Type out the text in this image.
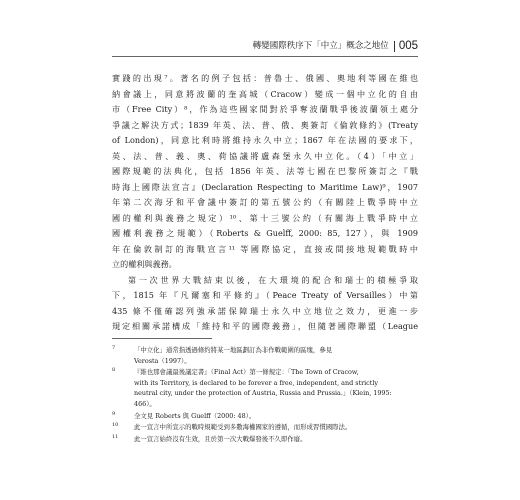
轉變國際秩序下「中立」概念之地位 005

實踐的出現⁷。著名的例子包括：普魯士、俄國、奧地利等國在維也
納會議上，同意將波蘭的奎高城（Cracow）變成一個中立化的自由
市（Free City）⁸，作為這些國家間對於爭奪波蘭戰爭後波蘭領土處分
爭議之解決方式；1839 年英、法、普、俄、奧簽訂《倫敦條約》(Treaty
of London)，同意比利時將維持永久中立；1867 年在法國的要求下，
英、法、普、義、奧、荷協議將盧森堡永久中立化。（4）「中立」
國際規範的法典化，包括 1856 年英、法等七國在巴黎所簽訂之『戰
時海上國際法宣言』(Declaration Respecting to Maritime Law)⁹，1907
年第二次海牙和平會議中簽訂的第五號公約（有關陸上戰爭時中立
國的權利與義務之規定）¹⁰、第十三號公約（有關海上戰爭時中立
國權利義務之規範）（Roberts & Guelff, 2000: 85, 127），與 1909
年在倫敦制訂的海戰宣言¹¹ 等國際協定，直接或間接地規範戰時中
立的權利與義務。

第一次世界大戰結束以後，在大環境的配合和瑞士的積極爭取
下，1815 年『凡爾塞和平條約』（Peace Treaty of Versailles）中第
435 條不僅確認列強承諾保障瑞士永久中立地位之效力，更進一步
規定相關承諾構成「維持和平的國際義務」，但隨著國際聯盟（League

7	「中立化」通常指透過條約將某一地區劃訂為非作戰範圍的區塊，參見
Verosta（1997）。
8	『維也那會議最後議定書』（Final Act）第一條規定：「The Town of Cracow,
with its Territory, is declared to be forever a free, independent, and strictly
neutral city, under the protection of Austria, Russia and Prussia.」（Klein, 1995:
466）。
9	全文見 Roberts 與 Guelff（2000: 48）。
10 此一宣言中所宣示的戰時規範受到多數海權國家的遵循，而形成習慣國際法。
11 此一宣言始終沒有生效，且於第一次大戰爆發後不久即作廢。
